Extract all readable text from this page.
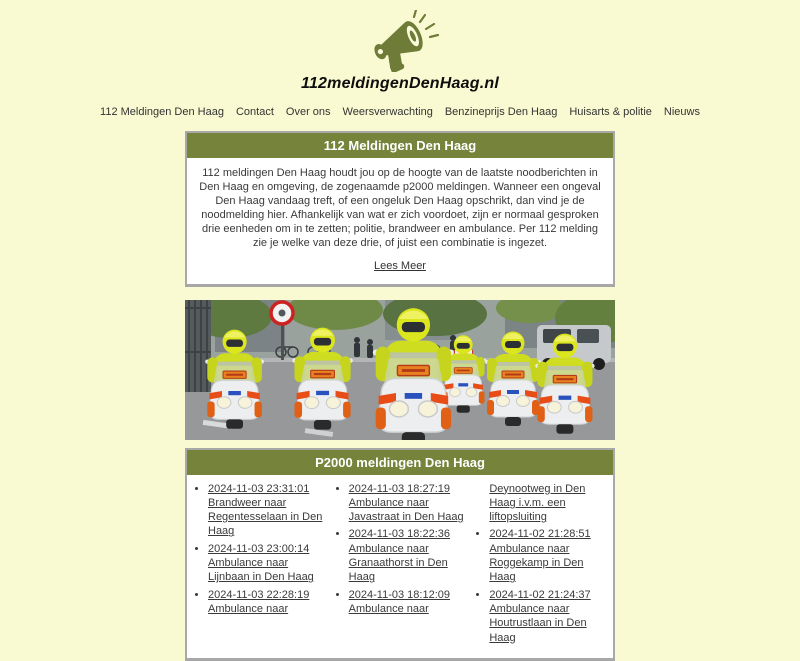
112meldingenDenHaag.nl
112 Meldingen Den Haag Contact Over ons Weersverwachting Benzineprijs Den Haag Huisarts & politie Nieuws
112 Meldingen Den Haag

112 meldingen Den Haag houdt jou op de hoogte van de laatste noodberichten in Den Haag en omgeving, de zogenaamde p2000 meldingen. Wanneer een ongeval Den Haag vandaag treft, of een ongeluk Den Haag opschrikt, dan vind je de noodmelding hier. Afhankelijk van wat er zich voordoet, zijn er normaal gesproken drie eenheden om in te zetten; politie, brandweer en ambulance. Per 112 melding zie je welke van deze drie, of juist een combinatie is ingezet.

Lees Meer
P2000 meldingen Den Haag
• 2024-11-03 23:31:01 Brandweer naar Regentesselaan in Den Haag
• 2024-11-03 23:00:14 Ambulance naar Lijnbaan in Den Haag
• 2024-11-03 22:28:19 Ambulance naar
• 2024-11-03 18:27:19 Ambulance naar Javastraat in Den Haag
• 2024-11-03 18:22:36 Ambulance naar Granaathorst in Den Haag
• 2024-11-03 18:12:09 Ambulance naar
Deynootweg in Den Haag i.v.m. een liftopsluiting
• 2024-11-02 21:28:51 Ambulance naar Roggekamp in Den Haag
• 2024-11-02 21:24:37 Ambulance naar Houtrustlaan in Den Haag
